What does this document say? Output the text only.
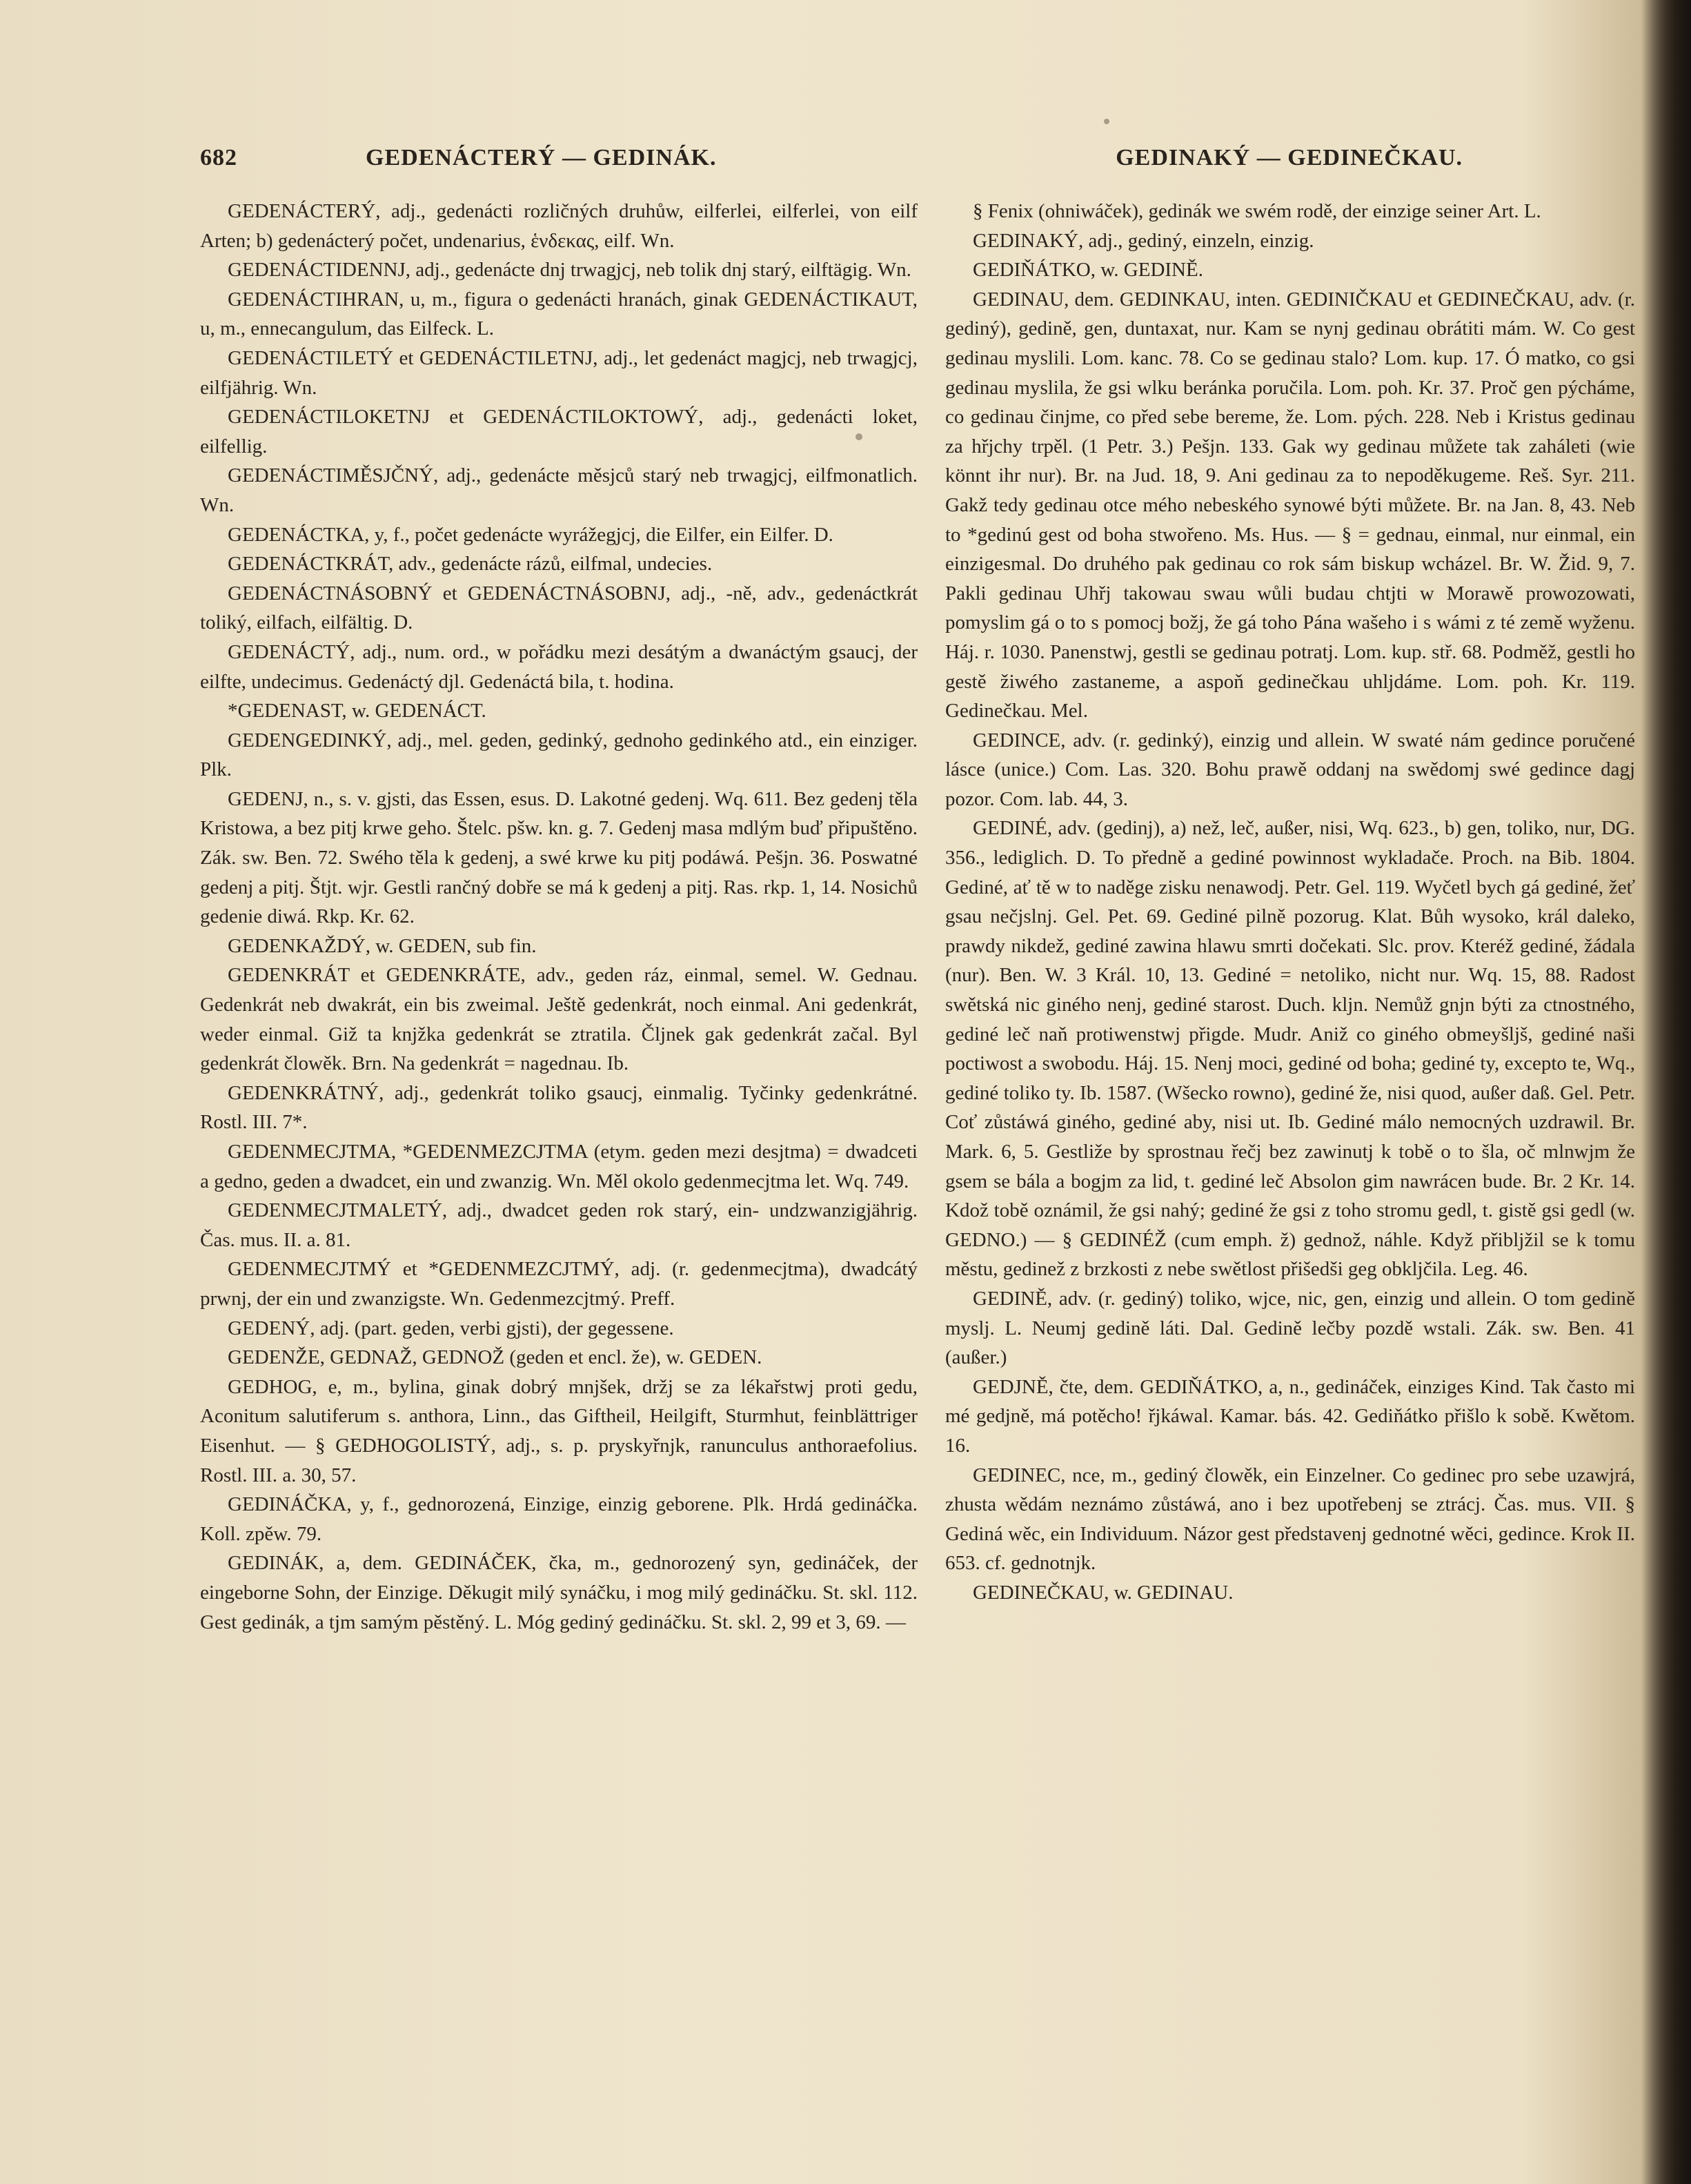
682	GEDENÁCTERÝ — GEDINÁK.	GEDINAKÝ — GEDINEČKAU.

GEDENÁCTERÝ, adj., gedenácti rozličných druhůw, eilferlei, eilferlei, von eilf Arten; b) gedenácterý počet, undenarius, ἑνδεκας, eilf. Wn.

GEDENÁCTIDENNJ, adj., gedenácte dnj trwagjcj, neb tolik dnj starý, eilftägig. Wn.

GEDENÁCTIHRAN, u, m., figura o gedenácti hranách, ginak GEDENÁCTIKAUT, u, m., ennecangulum, das Eilfeck. L.

GEDENÁCTILETÝ et GEDENÁCTILETNJ, adj., let gedenáct magjcj, neb trwagjcj, eilfjährig. Wn.

GEDENÁCTILOKETNJ et GEDENÁCTILOKTOWÝ, adj., gedenácti loket, eilfellig.

GEDENÁCTIMĚSJČNÝ, adj., gedenácte měsjců starý neb trwagjcj, eilfmonatlich. Wn.

GEDENÁCTKA, y, f., počet gedenácte wyrážegjcj, die Eilfer, ein Eilfer. D.

GEDENÁCTKRÁT, adv., gedenácte rázů, eilfmal, undecies.

GEDENÁCTNÁSOBNÝ et GEDENÁCTNÁSOBNJ, adj., -ně, adv., gedenáctkrát toliký, eilfach, eilfältig. D.

GEDENÁCTÝ, adj., num. ord., w pořádku mezi desátým a dwanáctým gsaucj, der eilfte, undecimus. Gedenáctý djl. Gedenáctá bila, t. hodina.

*GEDENAST, w. GEDENÁCT.

GEDENGEDINKÝ, adj., mel. geden, gedinký, gednoho gedinkého atd., ein einziger. Plk.

GEDENJ, n., s. v. gjsti, das Essen, esus. D. Lakotné gedenj. Wq. 611. Bez gedenj těla Kristowa, a bez pitj krwe geho. Štelc. pšw. kn. g. 7. Gedenj masa mdlým buď připuštěno. Zák. sw. Ben. 72. Swého těla k gedenj, a swé krwe ku pitj podáwá. Pešjn. 36. Poswatné gedenj a pitj. Štjt. wjr. Gestli rančný dobře se má k gedenj a pitj. Ras. rkp. 1, 14. Nosichů gedenie diwá. Rkp. Kr. 62.

GEDENKAŽDÝ, w. GEDEN, sub fin.

GEDENKRÁT et GEDENKRÁTE, adv., geden ráz, einmal, semel. W. Gednau. Gedenkrát neb dwakrát, ein bis zweimal. Ještě gedenkrát, noch einmal. Ani gedenkrát, weder einmal. Giž ta knjžka gedenkrát se ztratila. Čljnek gak gedenkrát začal. Byl gedenkrát člowěk. Brn. Na gedenkrát = nagednau. Ib.

GEDENKRÁTNÝ, adj., gedenkrát toliko gsaucj, einmalig. Tyčinky gedenkrátné. Rostl. III. 7*.

GEDENMECJTMA, *GEDENMEZCJTMA (etym. geden mezi desjtma) = dwadceti a gedno, geden a dwadcet, ein und zwanzig. Wn. Měl okolo gedenmecjtma let. Wq. 749.

GEDENMECJTMALETÝ, adj., dwadcet geden rok starý, ein- undzwanzigjährig. Čas. mus. II. a. 81.

GEDENMECJTMÝ et *GEDENMEZCJTMÝ, adj. (r. gedenmecjtma), dwadcátý prwnj, der ein und zwanzigste. Wn. Gedenmezcjtmý. Preff.

GEDENÝ, adj. (part. geden, verbi gjsti), der gegessene.

GEDENŽE, GEDNAŽ, GEDNOŽ (geden et encl. že), w. GEDEN.

GEDHOG, e, m., bylina, ginak dobrý mnjšek, držj se za lékařstwj proti gedu, Aconitum salutiferum s. anthora, Linn., das Giftheil, Heilgift, Sturmhut, feinblättriger Eisenhut. — § GEDHOGOLISTÝ, adj., s. p. pryskyřnjk, ranunculus anthoraefolius. Rostl. III. a. 30, 57.

GEDINÁČKA, y, f., gednorozená, Einzige, einzig geborene. Plk. Hrdá gedináčka. Koll. zpěw. 79.

GEDINÁK, a, dem. GEDINÁČEK, čka, m., gednorozený syn, gedináček, der eingeborne Sohn, der Einzige. Děkugit milý synáčku, i mog milý gedináčku. St. skl. 112. Gest gedinák, a tjm samým pěstěný. L. Móg gediný gedináčku. St. skl. 2, 99 et 3, 69. —

§ Fenix (ohniwáček), gedinák we swém rodě, der einzige seiner Art. L.

GEDINAKÝ, adj., gediný, einzeln, einzig.

GEDIŇÁTKO, w. GEDINĚ.

GEDINAU, dem. GEDINKAU, inten. GEDINIČKAU et GEDINEČKAU, adv. (r. gediný), gedině, gen, duntaxat, nur. Kam se nynj gedinau obrátiti mám. W. Co gest gedinau myslili. Lom. kanc. 78. Co se gedinau stalo? Lom. kup. 17. Ó matko, co gsi gedinau myslila, že gsi wlku beránka poručila. Lom. poh. Kr. 37. Proč gen pýcháme, co gedinau činjme, co před sebe bereme, že. Lom. pých. 228. Neb i Kristus gedinau za hřjchy trpěl. (1 Petr. 3.) Pešjn. 133. Gak wy gedinau můžete tak zaháleti (wie könnt ihr nur). Br. na Jud. 18, 9. Ani gedinau za to nepoděkugeme. Reš. Syr. 211. Gakž tedy gedinau otce mého nebeského synowé býti můžete. Br. na Jan. 8, 43. Neb to *gedinú gest od boha stwořeno. Ms. Hus. — § = gednau, einmal, nur einmal, ein einzigesmal. Do druhého pak gedinau co rok sám biskup wcházel. Br. W. Žid. 9, 7. Pakli gedinau Uhřj takowau swau wůli budau chtjti w Morawě prowozowati, pomyslim gá o to s pomocj božj, že gá toho Pána wašeho i s wámi z té země wyženu. Háj. r. 1030. Panenstwj, gestli se gedinau potratj. Lom. kup. stř. 68. Podměž, gestli ho gestě žiwého zastaneme, a aspoň gedinečkau uhljdáme. Lom. poh. Kr. 119. Gedinečkau. Mel.

GEDINCE, adv. (r. gedinký), einzig und allein. W swaté nám gedince poručené lásce (unice.) Com. Las. 320. Bohu prawě oddanj na swědomj swé gedince dagj pozor. Com. lab. 44, 3.

GEDINÉ, adv. (gedinj), a) než, leč, außer, nisi, Wq. 623., b) gen, toliko, nur, DG. 356., lediglich. D. To předně a gediné powinnost wykladače. Proch. na Bib. 1804. Gediné, ať tě w to naděge zisku nenawodj. Petr. Gel. 119. Wyčetl bych gá gediné, žeť gsau nečjslnj. Gel. Pet. 69. Gediné pilně pozorug. Klat. Bůh wysoko, král daleko, prawdy nikdež, gediné zawina hlawu smrti dočekati. Slc. prov. Kteréž gediné, žádala (nur). Ben. W. 3 Král. 10, 13. Gediné = netoliko, nicht nur. Wq. 15, 88. Radost swětská nic giného nenj, gediné starost. Duch. klјn. Nemůž gnjn býti za ctnostného, gediné leč naň protiwenstwj přigde. Mudr. Aniž co giného obmeyšljš, gediné naši poctiwost a swobodu. Háj. 15. Nenj moci, gediné od boha; gediné ty, excepto te, Wq., gediné toliko ty. Ib. 1587. (Wšecko rowno), gediné že, nisi quod, außer daß. Gel. Petr. Coť zůstáwá giného, gediné aby, nisi ut. Ib. Gediné málo nemocných uzdrawil. Br. Mark. 6, 5. Gestliže by sprostnau řečj bez zawinutj k tobě o to šla, oč mlnwjm že gsem se bála a bogjm za lid, t. gediné leč Absolon gim nawrácen bude. Br. 2 Kr. 14. Kdož tobě oznámil, že gsi nahý; gediné že gsi z toho stromu gedl, t. gistě gsi gedl (w. GEDNO.) — § GEDINÉŽ (cum emph. ž) gednož, náhle. Když přibljžil se k tomu městu, gedinež z brzkosti z nebe swětlost přišedši geg obkljčila. Leg. 46.

GEDINĚ, adv. (r. gediný) toliko, wjce, nic, gen, einzig und allein. O tom gedině myslj. L. Neumj gedině láti. Dal. Gedině lečby pozdě wstali. Zák. sw. Ben. 41 (außer.)

GEDJNĚ, čte, dem. GEDIŇÁTKO, a, n., gedináček, einziges Kind. Tak často mi mé gedjně, má potěcho! řjkáwal. Kamar. bás. 42. Gediňátko přišlo k sobě. Kwětom. 16.

GEDINEC, nce, m., gediný člowěk, ein Einzelner. Co gedinec pro sebe uzawjrá, zhusta wědám neznámo zůstáwá, ano i bez upotřebenj se ztrácj. Čas. mus. VII. § Gediná wěc, ein Individuum. Názor gest představenj gednotné wěci, gedince. Krok II. 653. cf. gednotnjk.

GEDINEČKAU, w. GEDINAU.
